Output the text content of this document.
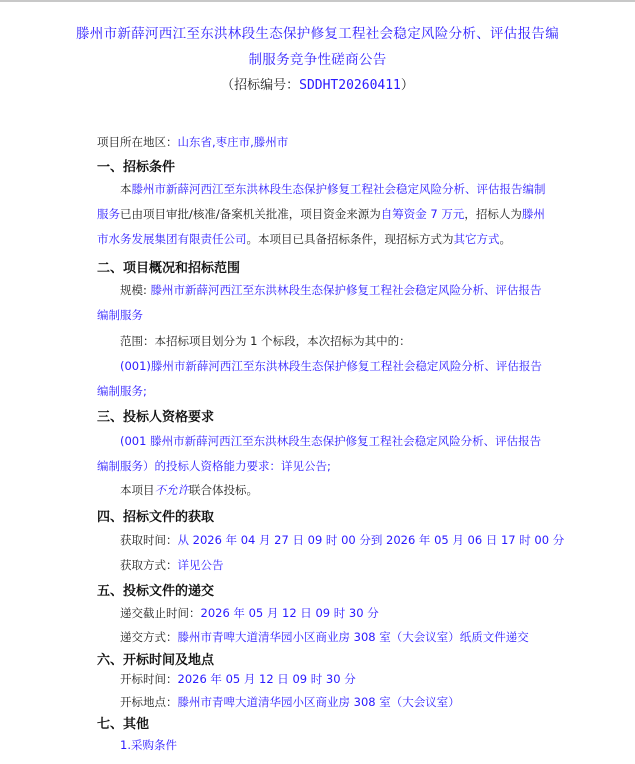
滕州市新薛河西江至东洪林段生态保护修复工程社会稳定风险分析、评估报告编
制服务竞争性磋商公告
（招标编号：SDDHT20260411）
项目所在地区：山东省,枣庄市,滕州市
一、招标条件
本滕州市新薛河西江至东洪林段生态保护修复工程社会稳定风险分析、评估报告编制服务已由项目审批/核准/备案机关批准，项目资金来源为自筹资金 7 万元，招标人为滕州市水务发展集团有限责任公司。本项目已具备招标条件，现招标方式为其它方式。
二、项目概况和招标范围
规模: 滕州市新薛河西江至东洪林段生态保护修复工程社会稳定风险分析、评估报告编制服务
范围：本招标项目划分为 1 个标段，本次招标为其中的：
(001)滕州市新薛河西江至东洪林段生态保护修复工程社会稳定风险分析、评估报告编制服务;
三、投标人资格要求
(001 滕州市新薛河西江至东洪林段生态保护修复工程社会稳定风险分析、评估报告编制服务）的投标人资格能力要求：详见公告;
本项目不允许联合体投标。
四、招标文件的获取
获取时间：从 2026 年 04 月 27 日 09 时 00 分到 2026 年 05 月 06 日 17 时 00 分
获取方式：详见公告
五、投标文件的递交
递交截止时间：2026 年 05 月 12 日 09 时 30 分
递交方式：滕州市青啤大道清华园小区商业房 308 室（大会议室）纸质文件递交
六、开标时间及地点
开标时间：2026 年 05 月 12 日 09 时 30 分
开标地点：滕州市青啤大道清华园小区商业房 308 室（大会议室）
七、其他
1.采购条件
